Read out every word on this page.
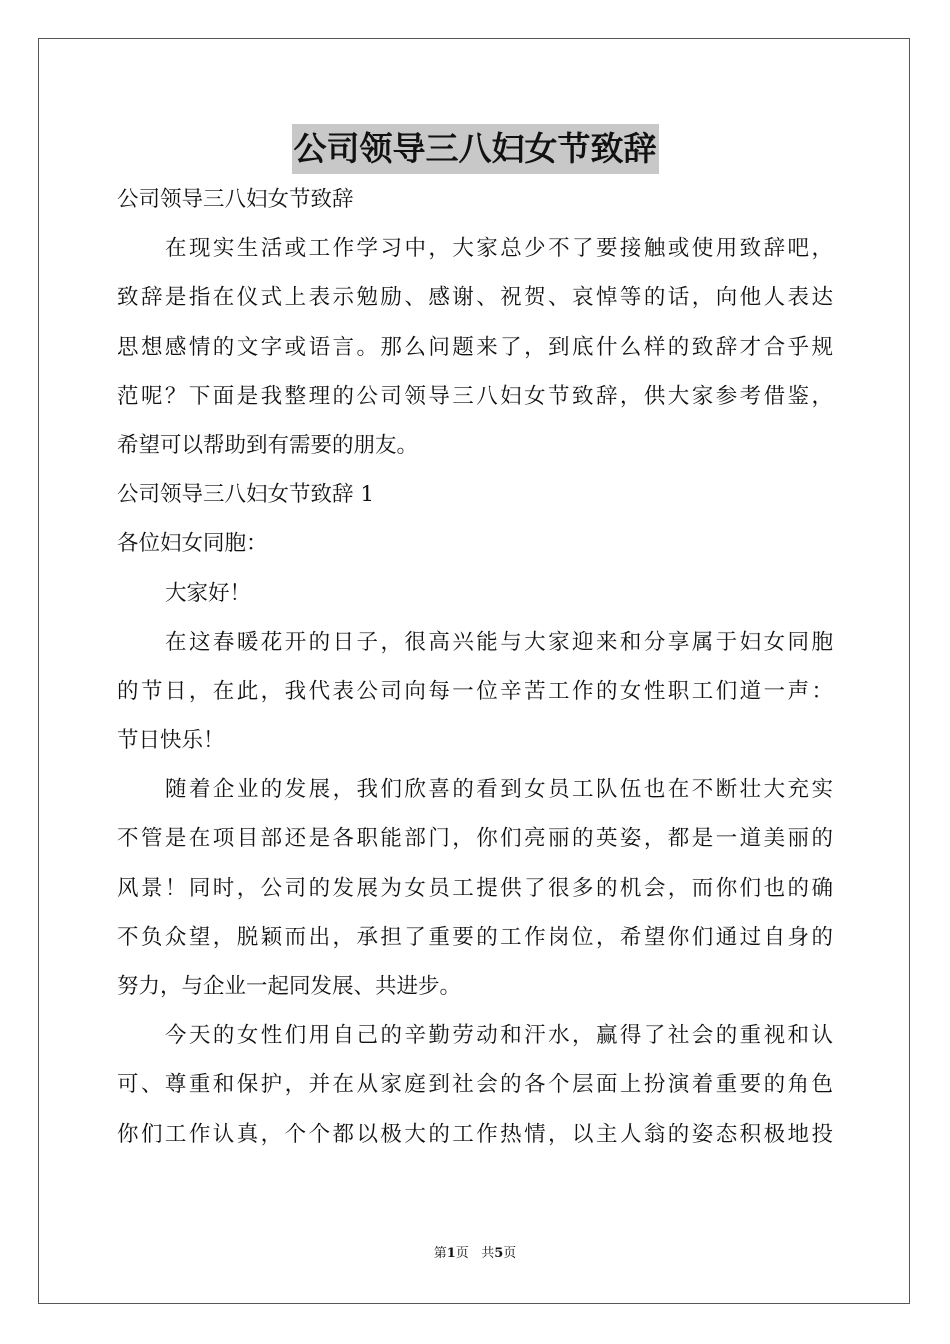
公司领导三八妇女节致辞
公司领导三八妇女节致辞
在现实生活或工作学习中，大家总少不了要接触或使用致辞吧，
致辞是指在仪式上表示勉励、感谢、祝贺、哀悼等的话，向他人表达
思想感情的文字或语言。那么问题来了，到底什么样的致辞才合乎规
范呢？下面是我整理的公司领导三八妇女节致辞，供大家参考借鉴，
希望可以帮助到有需要的朋友。
公司领导三八妇女节致辞 1
各位妇女同胞：
大家好！
在这春暖花开的日子，很高兴能与大家迎来和分享属于妇女同胞
的节日，在此，我代表公司向每一位辛苦工作的女性职工们道一声：
节日快乐！
随着企业的发展，我们欣喜的看到女员工队伍也在不断壮大充实
不管是在项目部还是各职能部门，你们亮丽的英姿，都是一道美丽的
风景！同时，公司的发展为女员工提供了很多的机会，而你们也的确
不负众望，脱颖而出，承担了重要的工作岗位，希望你们通过自身的
努力，与企业一起同发展、共进步。
今天的女性们用自己的辛勤劳动和汗水，赢得了社会的重视和认
可、尊重和保护，并在从家庭到社会的各个层面上扮演着重要的角色
你们工作认真，个个都以极大的工作热情，以主人翁的姿态积极地投
第1页 共5页
